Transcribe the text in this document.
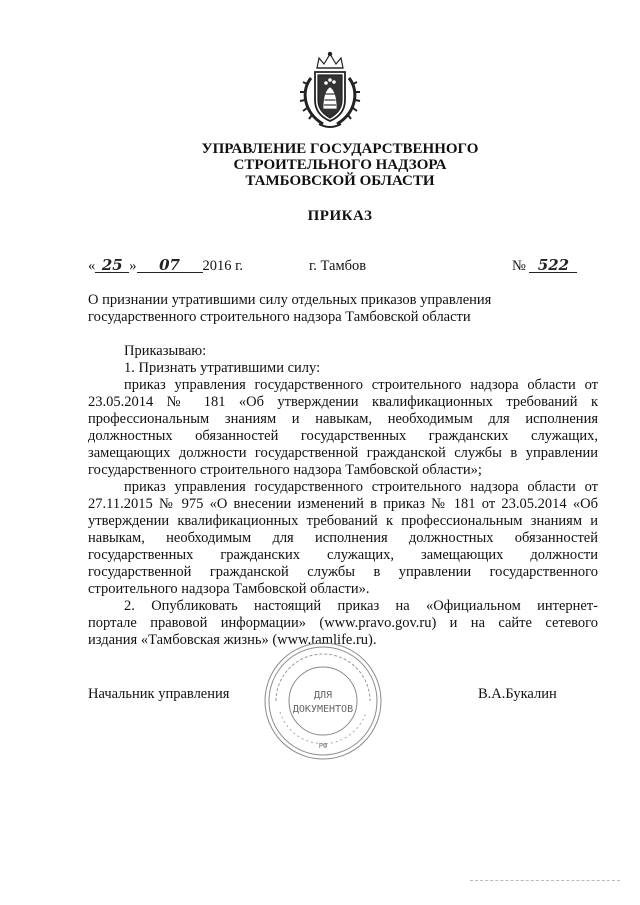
УПРАВЛЕНИЕ ГОСУДАРСТВЕННОГО
СТРОИТЕЛЬНОГО НАДЗОРА
ТАМБОВСКОЙ ОБЛАСТИ
ПРИКАЗ
« 25 » 07 2016 г.	г. Тамбов	№ 522
О признании утратившими силу отдельных приказов управления
государственного строительного надзора Тамбовской области
Приказываю:
1. Признать утратившими силу:
приказ управления государственного строительного надзора области от
23.05.2014 № 181 «Об утверждении квалификационных требований к
профессиональным знаниям и навыкам, необходимым для исполнения
должностных обязанностей государственных гражданских служащих,
замещающих должности государственной гражданской службы в управлении
государственного строительного надзора Тамбовской области»;
приказ управления государственного строительного надзора области от
27.11.2015 № 975 «О внесении изменений в приказ № 181 от 23.05.2014 «Об
утверждении квалификационных требований к профессиональным знаниям и
навыкам, необходимым для исполнения должностных обязанностей
государственных гражданских служащих, замещающих должности
государственной гражданской службы в управлении государственного
строительного надзора Тамбовской области».
2. Опубликовать настоящий приказ на «Официальном интернет-
портале правовой информации» (www.pravo.gov.ru) и на сайте сетевого
издания «Тамбовская жизнь» (www.tamlife.ru).
ДЛЯ
ДОКУМЕНТОВ
РФ
Начальник управления	В.А.Букалин
